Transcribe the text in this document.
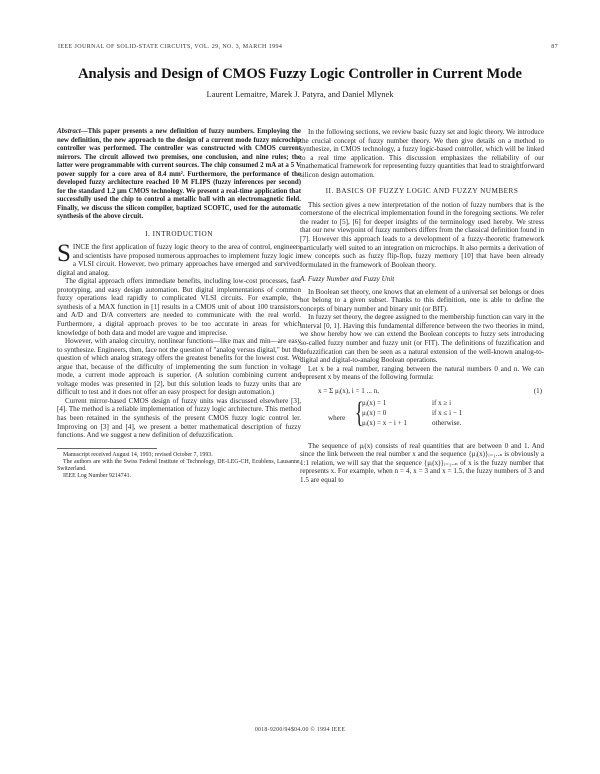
IEEE JOURNAL OF SOLID-STATE CIRCUITS, VOL. 29, NO. 3, MARCH 1994	87
Analysis and Design of CMOS Fuzzy Logic Controller in Current Mode
Laurent Lemaitre, Marek J. Patyra, and Daniel Mlynek

Abstract—This paper presents a new definition of fuzzy numbers. Employing the new definition, the new approach to the design of a current mode fuzzy microchip controller was performed. The controller was constructed with CMOS current mirrors. The circuit allowed two premises, one conclusion, and nine rules; the latter were programmable with current sources. The chip consumed 2 mA at a 5 V power supply for a core area of 8.4 mm². Furthermore, the performance of the developed fuzzy architecture reached 10 M FLIPS (fuzzy inferences per second) for the standard 1.2 µm CMOS technology. We present a real-time application that successfully used the chip to control a metallic ball with an electromagnetic field. Finally, we discuss the silicon compiler, baptized SCOFIC, used for the automatic synthesis of the above circuit.

I. INTRODUCTION

SINCE the first application of fuzzy logic theory to the area of control, engineers and scientists have proposed numerous approaches to implement fuzzy logic in a VLSI circuit. However, two primary approaches have emerged and survived: digital and analog.

The digital approach offers immediate benefits, including low-cost processes, fast prototyping, and easy design automation. But digital implementations of common fuzzy operations lead rapidly to complicated VLSI circuits. For example, the synthesis of a MAX function in [1] results in a CMOS unit of about 100 transistors, and A/D and D/A converters are needed to communicate with the real world. Furthermore, a digital approach proves to be too accurate in areas for which knowledge of both data and model are vague and imprecise.

However, with analog circuitry, nonlinear functions—like max and min—are easy to synthesize. Engineers, then, face not the question of "analog versus digital," but the question of which analog strategy offers the greatest benefits for the lowest cost. We argue that, because of the difficulty of implementing the sum function in voltage mode, a current mode approach is superior. (A solution combining current and voltage modes was presented in [2], but this solution leads to fuzzy units that are difficult to test and it does not offer an easy prospect for design automation.)

Current mirror-based CMOS design of fuzzy units was discussed elsewhere [3], [4]. The method is a reliable implementation of fuzzy logic architecture. This method has been retained in the synthesis of the present CMOS fuzzy logic control ler. Improving on [3] and [4], we present a better mathematical description of fuzzy functions. And we suggest a new definition of defuzzification.

Manuscript received August 14, 1993; revised October 7, 1993.

The authors are with the Swiss Federal Institute of Technology, DE-LEG-CH, Ecublens, Lausanne, Switzerland.

IEEE Log Number 9214741.

In the following sections, we review basic fuzzy set and logic theory. We introduce the crucial concept of fuzzy number theory. We then give details on a method to synthesize, in CMOS technology, a fuzzy logic-based controller, which will be linked to a real time application. This discussion emphasizes the reliability of our mathematical framework for representing fuzzy quantities that lead to straightforward silicon design automation.

II. BASICS OF FUZZY LOGIC AND FUZZY NUMBERS

This section gives a new interpretation of the notion of fuzzy numbers that is the cornerstone of the electrical implementation found in the foregoing sections. We refer the reader to [5], [6] for deeper insights of the terminology used hereby. We stress that our new viewpoint of fuzzy numbers differs from the classical definition found in [7]. However this approach leads to a development of a fuzzy-theoretic framework particularly well suited to an integration on microchips. It also permits a derivation of new concepts such as fuzzy flip-flop, fuzzy memory [10] that have been already formulated in the framework of Boolean theory.

A. Fuzzy Number and Fuzzy Unit

In Boolean set theory, one knows that an element of a universal set belongs or does not belong to a given subset. Thanks to this definition, one is able to define the concepts of binary number and binary unit (or BIT).

In fuzzy set theory, the degree assigned to the membership function can vary in the interval [0, 1]. Having this fundamental difference between the two theories in mind, we show hereby how we can extend the Boolean concepts to fuzzy sets introducing so-called fuzzy number and fuzzy unit (or FIT). The definitions of fuzzification and defuzzification can then be seen as a natural extension of the well-known analog-to-digital and digital-to-analog Boolean operations.

Let x be a real number, ranging between the natural numbers 0 and n. We can represent x by means of the following formula:

x = Σ μᵢ(x), i = 1 ... n,	(1)
where {
μᵢ(x) = 1	if x ≥ i
μᵢ(x) = 0	if x ≤ i − 1
μᵢ(x) = x − i + 1	otherwise.

The sequence of μᵢ(x) consists of real quantities that are between 0 and 1. And since the link between the real number x and the sequence {μᵢ(x)}ᵢ₌₁..ₙ is obviously a 1:1 relation, we will say that the sequence {μᵢ(x)}ᵢ₌₁..ₙ of x is the fuzzy number that represents x. For example, when n = 4, x = 3 and x = 1.5, the fuzzy numbers of 3 and 1.5 are equal to

0018-9200/94$04.00 © 1994 IEEE
